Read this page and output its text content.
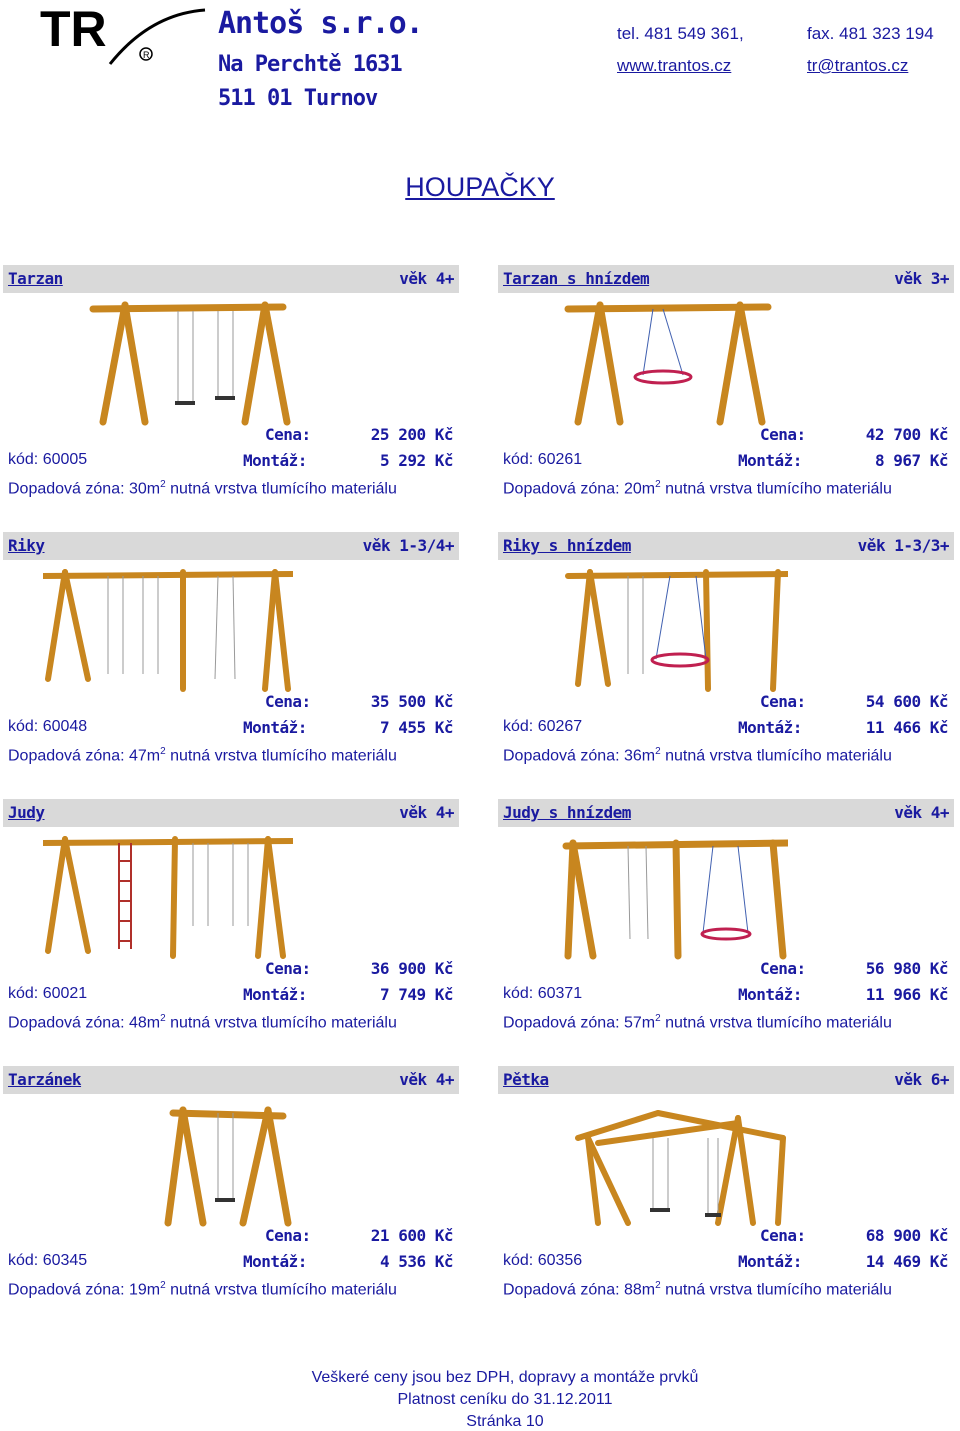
TR	R
Antoš s.r.o.
Na Perchtě 1631
511 01 Turnov
tel. 481 549 361,	fax. 481 323 194
www.trantos.cz	tr@trantos.cz
HOUPAČKY
Tarzan	věk 4+
Cena:	25 200 Kč
kód: 60005	Montáž:	5 292 Kč
Dopadová zóna: $30m^2$ nutná vrstva tlumícího materiálu
Tarzan s hnízdem	věk 3+
Cena:	42 700 Kč
kód: 60261	Montáž:	8 967 Kč
Dopadová zóna: $20m^2$ nutná vrstva tlumícího materiálu
Riky	věk 1-3/4+
Cena:	35 500 Kč
kód: 60048	Montáž:	7 455 Kč
Dopadová zóna: $47m^2$ nutná vrstva tlumícího materiálu
Riky s hnízdem	věk 1-3/3+
Cena:	54 600 Kč
kód: 60267	Montáž:	11 466 Kč
Dopadová zóna: $36m^2$ nutná vrstva tlumícího materiálu
Judy	věk 4+
Cena:	36 900 Kč
kód: 60021	Montáž:	7 749 Kč
Dopadová zóna: $48m^2$ nutná vrstva tlumícího materiálu
Judy s hnízdem	věk 4+
Cena:	56 980 Kč
kód: 60371	Montáž:	11 966 Kč
Dopadová zóna: $57m^2$ nutná vrstva tlumícího materiálu
Tarzánek	věk 4+
Cena:	21 600 Kč
kód: 60345	Montáž:	4 536 Kč
Dopadová zóna: $19m^2$ nutná vrstva tlumícího materiálu
Pětka	věk 6+
Cena:	68 900 Kč
kód: 60356	Montáž:	14 469 Kč
Dopadová zóna: $88m^2$ nutná vrstva tlumícího materiálu
Veškeré ceny jsou bez DPH, dopravy a montáže prvků
Platnost ceníku do 31.12.2011
Stránka 10
